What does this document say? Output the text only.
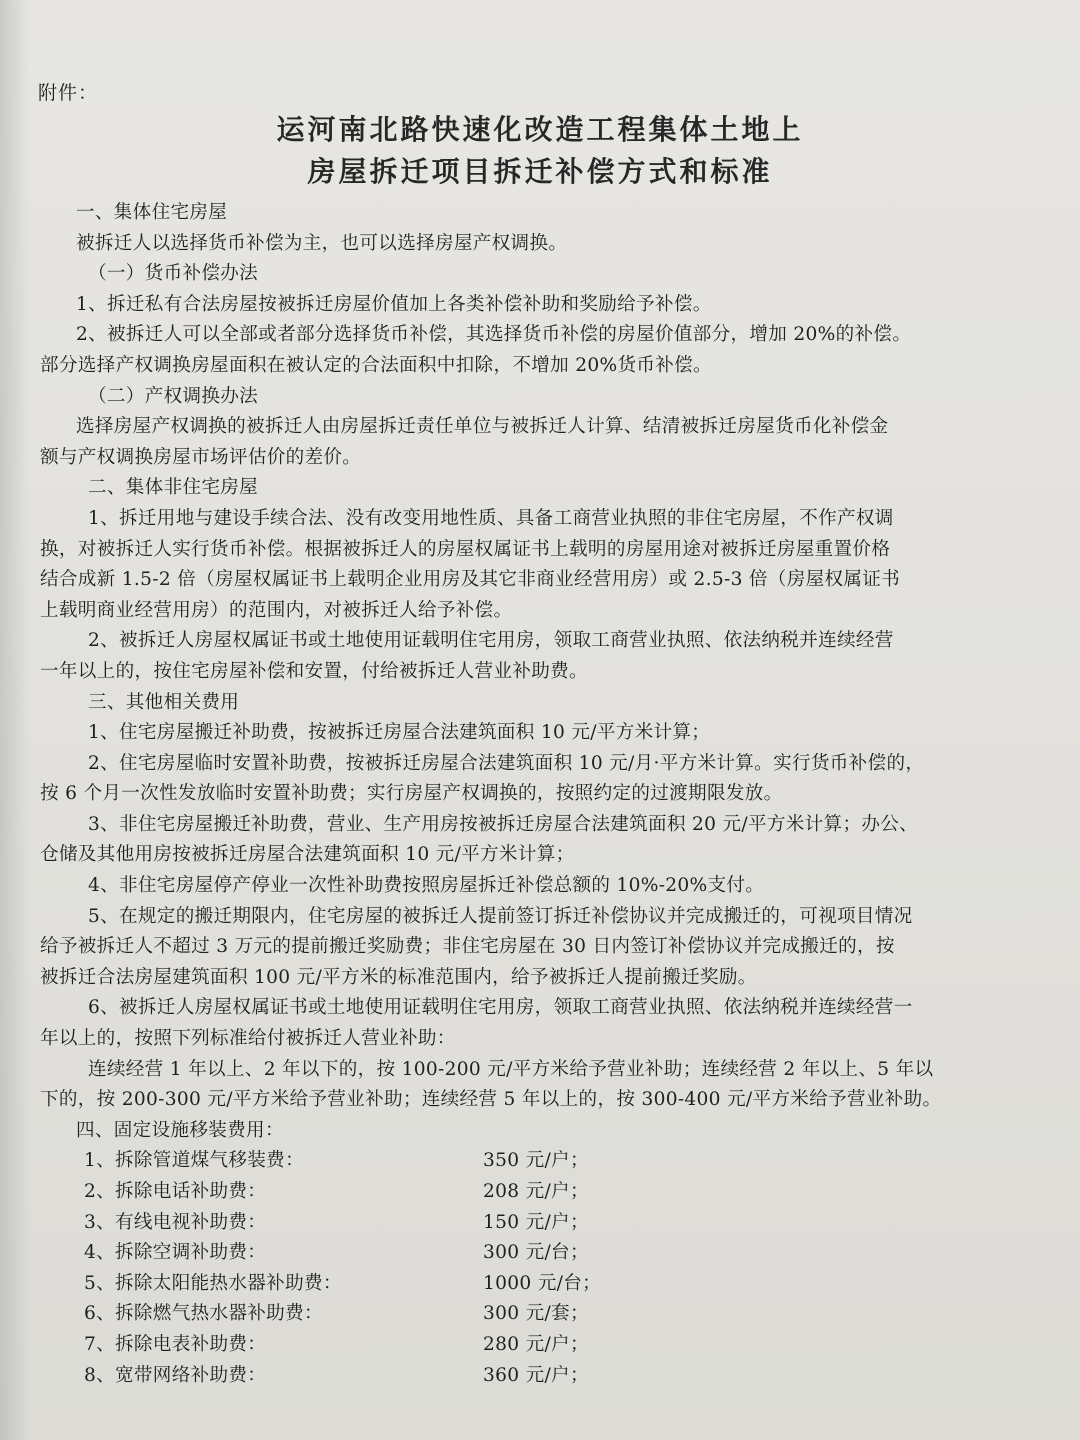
附件：
运河南北路快速化改造工程集体土地上
房屋拆迁项目拆迁补偿方式和标准
一、集体住宅房屋
被拆迁人以选择货币补偿为主，也可以选择房屋产权调换。
（一）货币补偿办法
1、拆迁私有合法房屋按被拆迁房屋价值加上各类补偿补助和奖励给予补偿。
2、被拆迁人可以全部或者部分选择货币补偿，其选择货币补偿的房屋价值部分，增加 20%的补偿。
部分选择产权调换房屋面积在被认定的合法面积中扣除，不增加 20%货币补偿。
（二）产权调换办法
选择房屋产权调换的被拆迁人由房屋拆迁责任单位与被拆迁人计算、结清被拆迁房屋货币化补偿金
额与产权调换房屋市场评估价的差价。
二、集体非住宅房屋
1、拆迁用地与建设手续合法、没有改变用地性质、具备工商营业执照的非住宅房屋，不作产权调
换，对被拆迁人实行货币补偿。根据被拆迁人的房屋权属证书上载明的房屋用途对被拆迁房屋重置价格
结合成新 1.5-2 倍（房屋权属证书上载明企业用房及其它非商业经营用房）或 2.5-3 倍（房屋权属证书
上载明商业经营用房）的范围内，对被拆迁人给予补偿。
2、被拆迁人房屋权属证书或土地使用证载明住宅用房，领取工商营业执照、依法纳税并连续经营
一年以上的，按住宅房屋补偿和安置，付给被拆迁人营业补助费。
三、其他相关费用
1、住宅房屋搬迁补助费，按被拆迁房屋合法建筑面积 10 元/平方米计算；
2、住宅房屋临时安置补助费，按被拆迁房屋合法建筑面积 10 元/月·平方米计算。实行货币补偿的，
按 6 个月一次性发放临时安置补助费；实行房屋产权调换的，按照约定的过渡期限发放。
3、非住宅房屋搬迁补助费，营业、生产用房按被拆迁房屋合法建筑面积 20 元/平方米计算；办公、
仓储及其他用房按被拆迁房屋合法建筑面积 10 元/平方米计算；
4、非住宅房屋停产停业一次性补助费按照房屋拆迁补偿总额的 10%-20%支付。
5、在规定的搬迁期限内，住宅房屋的被拆迁人提前签订拆迁补偿协议并完成搬迁的，可视项目情况
给予被拆迁人不超过 3 万元的提前搬迁奖励费；非住宅房屋在 30 日内签订补偿协议并完成搬迁的，按
被拆迁合法房屋建筑面积 100 元/平方米的标准范围内，给予被拆迁人提前搬迁奖励。
6、被拆迁人房屋权属证书或土地使用证载明住宅用房，领取工商营业执照、依法纳税并连续经营一
年以上的，按照下列标准给付被拆迁人营业补助：
连续经营 1 年以上、2 年以下的，按 100-200 元/平方米给予营业补助；连续经营 2 年以上、5 年以
下的，按 200-300 元/平方米给予营业补助；连续经营 5 年以上的，按 300-400 元/平方米给予营业补助。
四、固定设施移装费用：
1、拆除管道煤气移装费：	350 元/户；
2、拆除电话补助费：	208 元/户；
3、有线电视补助费：	150 元/户；
4、拆除空调补助费：	300 元/台；
5、拆除太阳能热水器补助费：	1000 元/台；
6、拆除燃气热水器补助费：	300 元/套；
7、拆除电表补助费：	280 元/户；
8、宽带网络补助费：	360 元/户；
